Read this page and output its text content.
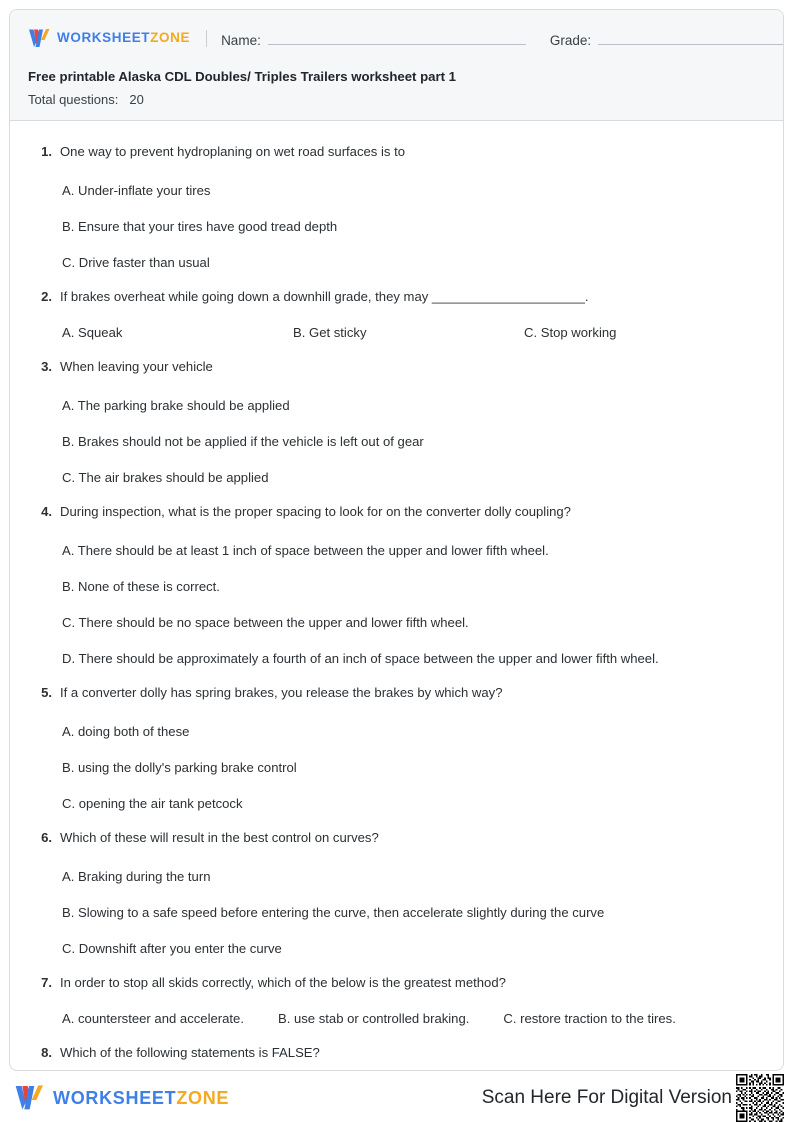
WORKSHEETZONE Name:	Grade:
Free printable Alaska CDL Doubles/ Triples Trailers worksheet part 1
Total questions: 20
1. One way to prevent hydroplaning on wet road surfaces is to
A. Under-inflate your tires
B. Ensure that your tires have good tread depth
C. Drive faster than usual
2. If brakes overheat while going down a downhill grade, they may _____________________.
A. Squeak	B. Get sticky	C. Stop working
3. When leaving your vehicle
A. The parking brake should be applied
B. Brakes should not be applied if the vehicle is left out of gear
C. The air brakes should be applied
4. During inspection, what is the proper spacing to look for on the converter dolly coupling?
A. There should be at least 1 inch of space between the upper and lower fifth wheel.
B. None of these is correct.
C. There should be no space between the upper and lower fifth wheel.
D. There should be approximately a fourth of an inch of space between the upper and lower fifth wheel.
5. If a converter dolly has spring brakes, you release the brakes by which way?
A. doing both of these
B. using the dolly's parking brake control
C. opening the air tank petcock
6. Which of these will result in the best control on curves?
A. Braking during the turn
B. Slowing to a safe speed before entering the curve, then accelerate slightly during the curve
C. Downshift after you enter the curve
7. In order to stop all skids correctly, which of the below is the greatest method?
A. countersteer and accelerate.	B. use stab or controlled braking.	C. restore traction to the tires.
8. Which of the following statements is FALSE?
WORKSHEETZONE	Scan Here For Digital Version
